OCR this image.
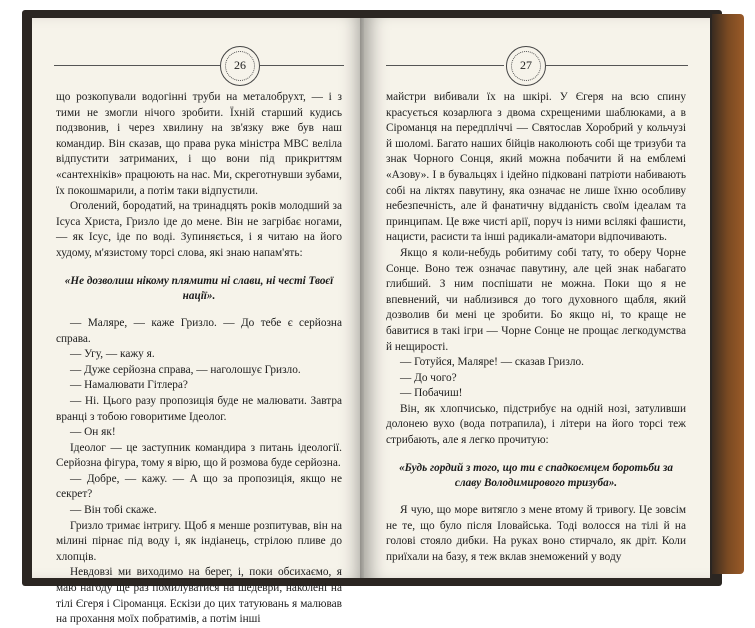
26

що розкопували водогінні труби на металобрухт, — і з тими не змогли нічого зробити. Їхній старший кудись подзвонив, і через хвилину на зв'язку вже був наш командир. Він сказав, що права рука міністра МВС веліла відпустити затриманих, і що вони під прикриттям «сантехніків» працюють на нас. Ми, скреготнувши зубами, їх покошмарили, а потім таки відпустили.

Оголений, бородатий, на тринадцять років молодший за Ісуса Христа, Гризло іде до мене. Він не загрібає ногами, — як Ісус, іде по воді. Зупиняється, і я читаю на його худому, м'язистому торсі слова, які знаю напам'ять:

«Не дозволиш нікому плямити ні слави, ні честі Твоєї нації».

— Маляре, — каже Гризло. — До тебе є серйозна справа.

— Угу, — кажу я.

— Дуже серйозна справа, — наголошує Гризло.

— Намалювати Гітлера?

— Ні. Цього разу пропозиція буде не малювати. Завтра вранці з тобою говоритиме Ідеолог.

— Он як!

Ідеолог — це заступник командира з питань ідеології. Серйозна фігура, тому я вірю, що й розмова буде серйозна.

— Добре, — кажу. — А що за пропозиція, якщо не секрет?

— Він тобі скаже.

Гризло тримає інтригу. Щоб я менше розпитував, він на мілині пірнає під воду і, як індіанець, стрілою пливе до хлопців.

Невдовзі ми виходимо на берег, і, поки обсихаємо, я маю нагоду ще раз помилуватися на шедеври, наколені на тілі Єгеря і Сіроманця. Ескізи до цих татуювань я малював на прохання моїх побратимів, а потім інші

27

майстри вибивали їх на шкірі. У Єгеря на всю спину красується козарлюга з двома схрещеними шаблюками, а в Сіроманця на передпліччі — Святослав Хоробрий у кольчузі й шоломі. Багато наших бійців наколюють собі ще тризуби та знак Чорного Сонця, який можна побачити й на емблемі «Азову». І в бувальцях і ідейно підковані патріоти набивають собі на ліктях павутину, яка означає не лише їхню особливу небезпечність, але й фанатичну відданість своїм ідеалам та принципам. Це вже чисті арії, поруч із ними всілякі фашисти, нацисти, расисти та інші радикали-аматори відпочивають.

Якщо я коли-небудь робитиму собі тату, то оберу Чорне Сонце. Воно теж означає павутину, але цей знак набагато глибший. З ним поспішати не можна. Поки що я не впевнений, чи наблизився до того духовного щабля, який дозволив би мені це зробити. Бо якщо ні, то краще не бавитися в такі ігри — Чорне Сонце не прощає легкодумства й нещирості.

— Готуйся, Маляре! — сказав Гризло.

— До чого?

— Побачиш!

Він, як хлопчисько, підстрибує на одній нозі, затуливши долонею вухо (вода потрапила), і літери на його торсі теж стрибають, але я легко прочитую:

«Будь гордий з того, що ти є спадкоємцем боротьби за славу Володимирового тризуба».

Я чую, що море витягло з мене втому й тривогу. Це зовсім не те, що було після Іловайська. Тоді волосся на тілі й на голові стояло дибки. На руках воно стирчало, як дріт. Коли приїхали на базу, я теж вклав знеможений у воду
